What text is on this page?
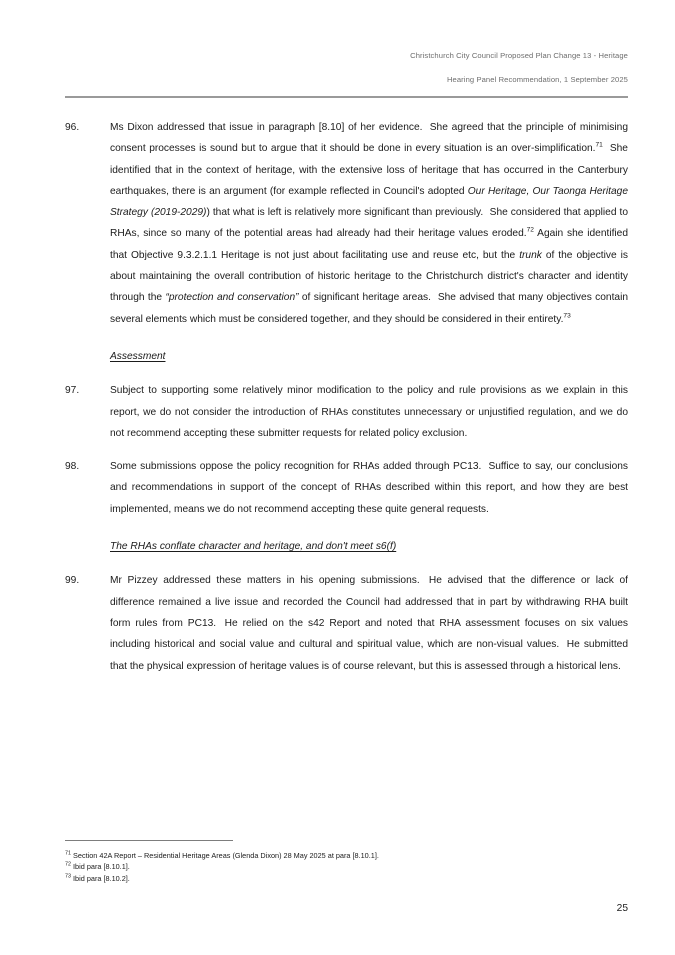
Christchurch City Council Proposed Plan Change 13 - Heritage
Hearing Panel Recommendation, 1 September 2025
96.	Ms Dixon addressed that issue in paragraph [8.10] of her evidence. She agreed that the principle of minimising consent processes is sound but to argue that it should be done in every situation is an over-simplification.$^{71}$ She identified that in the context of heritage, with the extensive loss of heritage that has occurred in the Canterbury earthquakes, there is an argument (for example reflected in Council's adopted Our Heritage, Our Taonga Heritage Strategy (2019-2029)) that what is left is relatively more significant than previously. She considered that applied to RHAs, since so many of the potential areas had already had their heritage values eroded.$^{72}$ Again she identified that Objective 9.3.2.1.1 Heritage is not just about facilitating use and reuse etc, but the trunk of the objective is about maintaining the overall contribution of historic heritage to the Christchurch district's character and identity through the “protection and conservation” of significant heritage areas. She advised that many objectives contain several elements which must be considered together, and they should be considered in their entirety.$^{73}$
Assessment
97.	Subject to supporting some relatively minor modification to the policy and rule provisions as we explain in this report, we do not consider the introduction of RHAs constitutes unnecessary or unjustified regulation, and we do not recommend accepting these submitter requests for related policy exclusion.
98.	Some submissions oppose the policy recognition for RHAs added through PC13. Suffice to say, our conclusions and recommendations in support of the concept of RHAs described within this report, and how they are best implemented, means we do not recommend accepting these quite general requests.
The RHAs conflate character and heritage, and don't meet s6(f)
99.	Mr Pizzey addressed these matters in his opening submissions. He advised that the difference or lack of difference remained a live issue and recorded the Council had addressed that in part by withdrawing RHA built form rules from PC13. He relied on the s42 Report and noted that RHA assessment focuses on six values including historical and social value and cultural and spiritual value, which are non-visual values. He submitted that the physical expression of heritage values is of course relevant, but this is assessed through a historical lens.
$^{71}$ Section 42A Report – Residential Heritage Areas (Glenda Dixon) 28 May 2025 at para [8.10.1].
$^{72}$ Ibid para [8.10.1].
$^{73}$ Ibid para [8.10.2].
25
